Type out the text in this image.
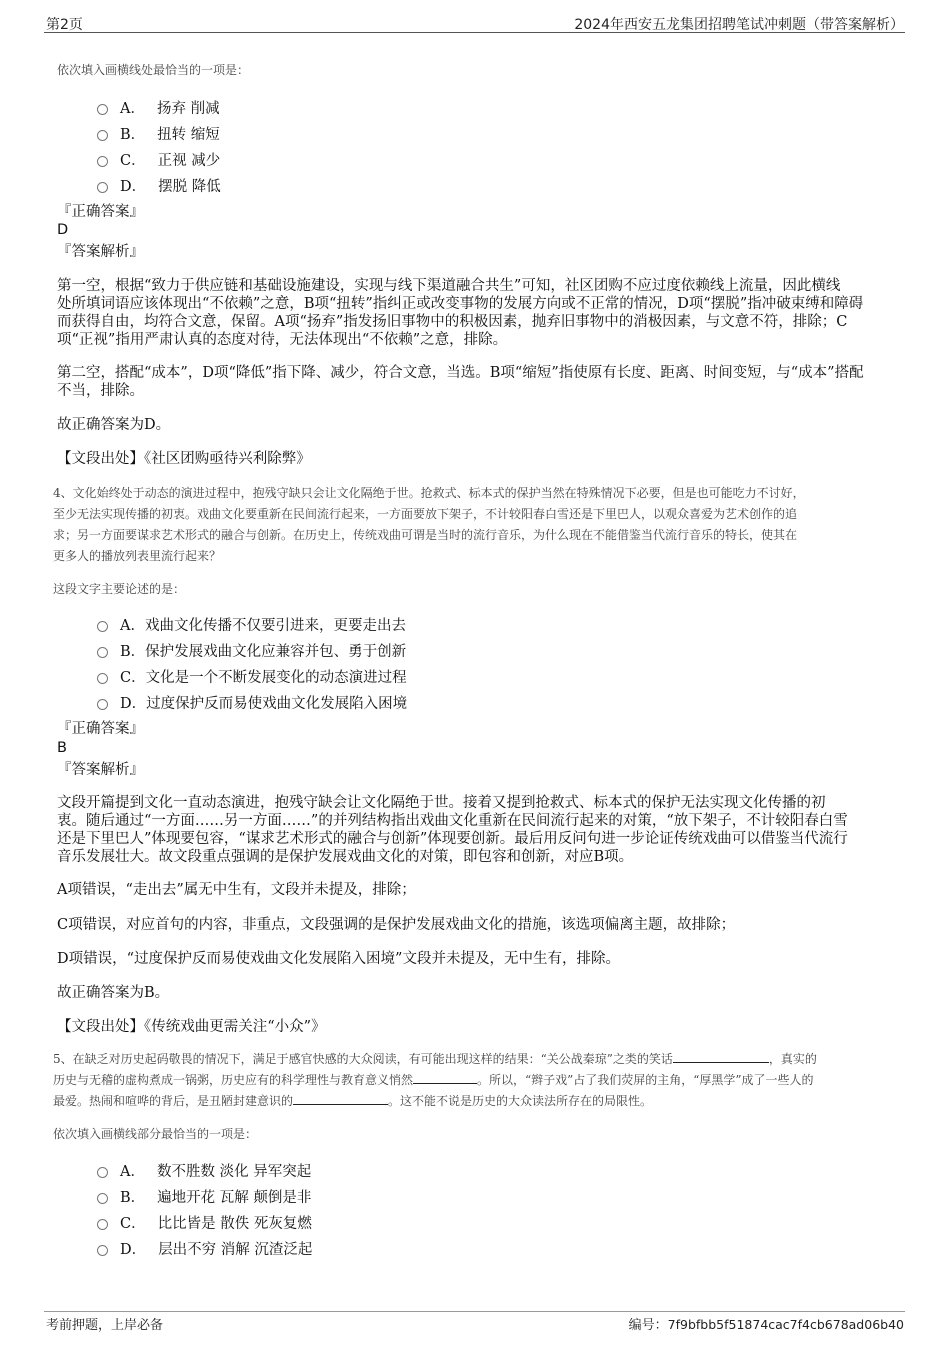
第2页	2024年西安五龙集团招聘笔试冲刺题（带答案解析）
依次填入画横线处最恰当的一项是：
A． 扬弃 削减
B． 扭转 缩短
C． 正视 减少
D． 摆脱 降低
『正确答案』
D
『答案解析』
第一空，根据“致力于供应链和基础设施建设，实现与线下渠道融合共生”可知，社区团购不应过度依赖线上流量，因此横线
处所填词语应该体现出“不依赖”之意，B项“扭转”指纠正或改变事物的发展方向或不正常的情况，D项“摆脱”指冲破束缚和障碍
而获得自由，均符合文意，保留。A项“扬弃”指发扬旧事物中的积极因素，抛弃旧事物中的消极因素，与文意不符，排除；C
项“正视”指用严肃认真的态度对待，无法体现出“不依赖”之意，排除。
第二空，搭配“成本”，D项“降低”指下降、减少，符合文意，当选。B项“缩短”指使原有长度、距离、时间变短，与“成本”搭配
不当，排除。
故正确答案为D。
【文段出处】《社区团购亟待兴利除弊》
4、文化始终处于动态的演进过程中，抱残守缺只会让文化隔绝于世。抢救式、标本式的保护当然在特殊情况下必要，但是也可能吃力不讨好，
至少无法实现传播的初衷。戏曲文化要重新在民间流行起来，一方面要放下架子，不计较阳春白雪还是下里巴人，以观众喜爱为艺术创作的追
求；另一方面要谋求艺术形式的融合与创新。在历史上，传统戏曲可谓是当时的流行音乐，为什么现在不能借鉴当代流行音乐的特长，使其在
更多人的播放列表里流行起来？
这段文字主要论述的是：
A． 戏曲文化传播不仅要引进来，更要走出去
B． 保护发展戏曲文化应兼容并包、勇于创新
C． 文化是一个不断发展变化的动态演进过程
D． 过度保护反而易使戏曲文化发展陷入困境
『正确答案』
B
『答案解析』
文段开篇提到文化一直动态演进，抱残守缺会让文化隔绝于世。接着又提到抢救式、标本式的保护无法实现文化传播的初
衷。随后通过“一方面……另一方面……”的并列结构指出戏曲文化重新在民间流行起来的对策，“放下架子，不计较阳春白雪
还是下里巴人”体现要包容，“谋求艺术形式的融合与创新”体现要创新。最后用反问句进一步论证传统戏曲可以借鉴当代流行
音乐发展壮大。故文段重点强调的是保护发展戏曲文化的对策，即包容和创新，对应B项。
A项错误，“走出去”属无中生有，文段并未提及，排除；
C项错误，对应首句的内容，非重点，文段强调的是保护发展戏曲文化的措施，该选项偏离主题，故排除；
D项错误，“过度保护反而易使戏曲文化发展陷入困境”文段并未提及，无中生有，排除。
故正确答案为B。
【文段出处】《传统戏曲更需关注“小众”》
5、在缺乏对历史起码敬畏的情况下，满足于感官快感的大众阅读，有可能出现这样的结果：“关公战秦琼”之类的笑话	，真实的
历史与无稽的虚构煮成一锅粥，历史应有的科学理性与教育意义悄然	。所以，“辫子戏”占了我们荧屏的主角，“厚黑学”成了一些人的
最爱。热闹和喧哗的背后，是丑陋封建意识的	。这不能不说是历史的大众读法所存在的局限性。
依次填入画横线部分最恰当的一项是：
A． 数不胜数 淡化 异军突起
B． 遍地开花 瓦解 颠倒是非
C． 比比皆是 散佚 死灰复燃
D． 层出不穷 消解 沉渣泛起
考前押题，上岸必备	编号：7f9bfbb5f51874cac7f4cb678ad06b40
